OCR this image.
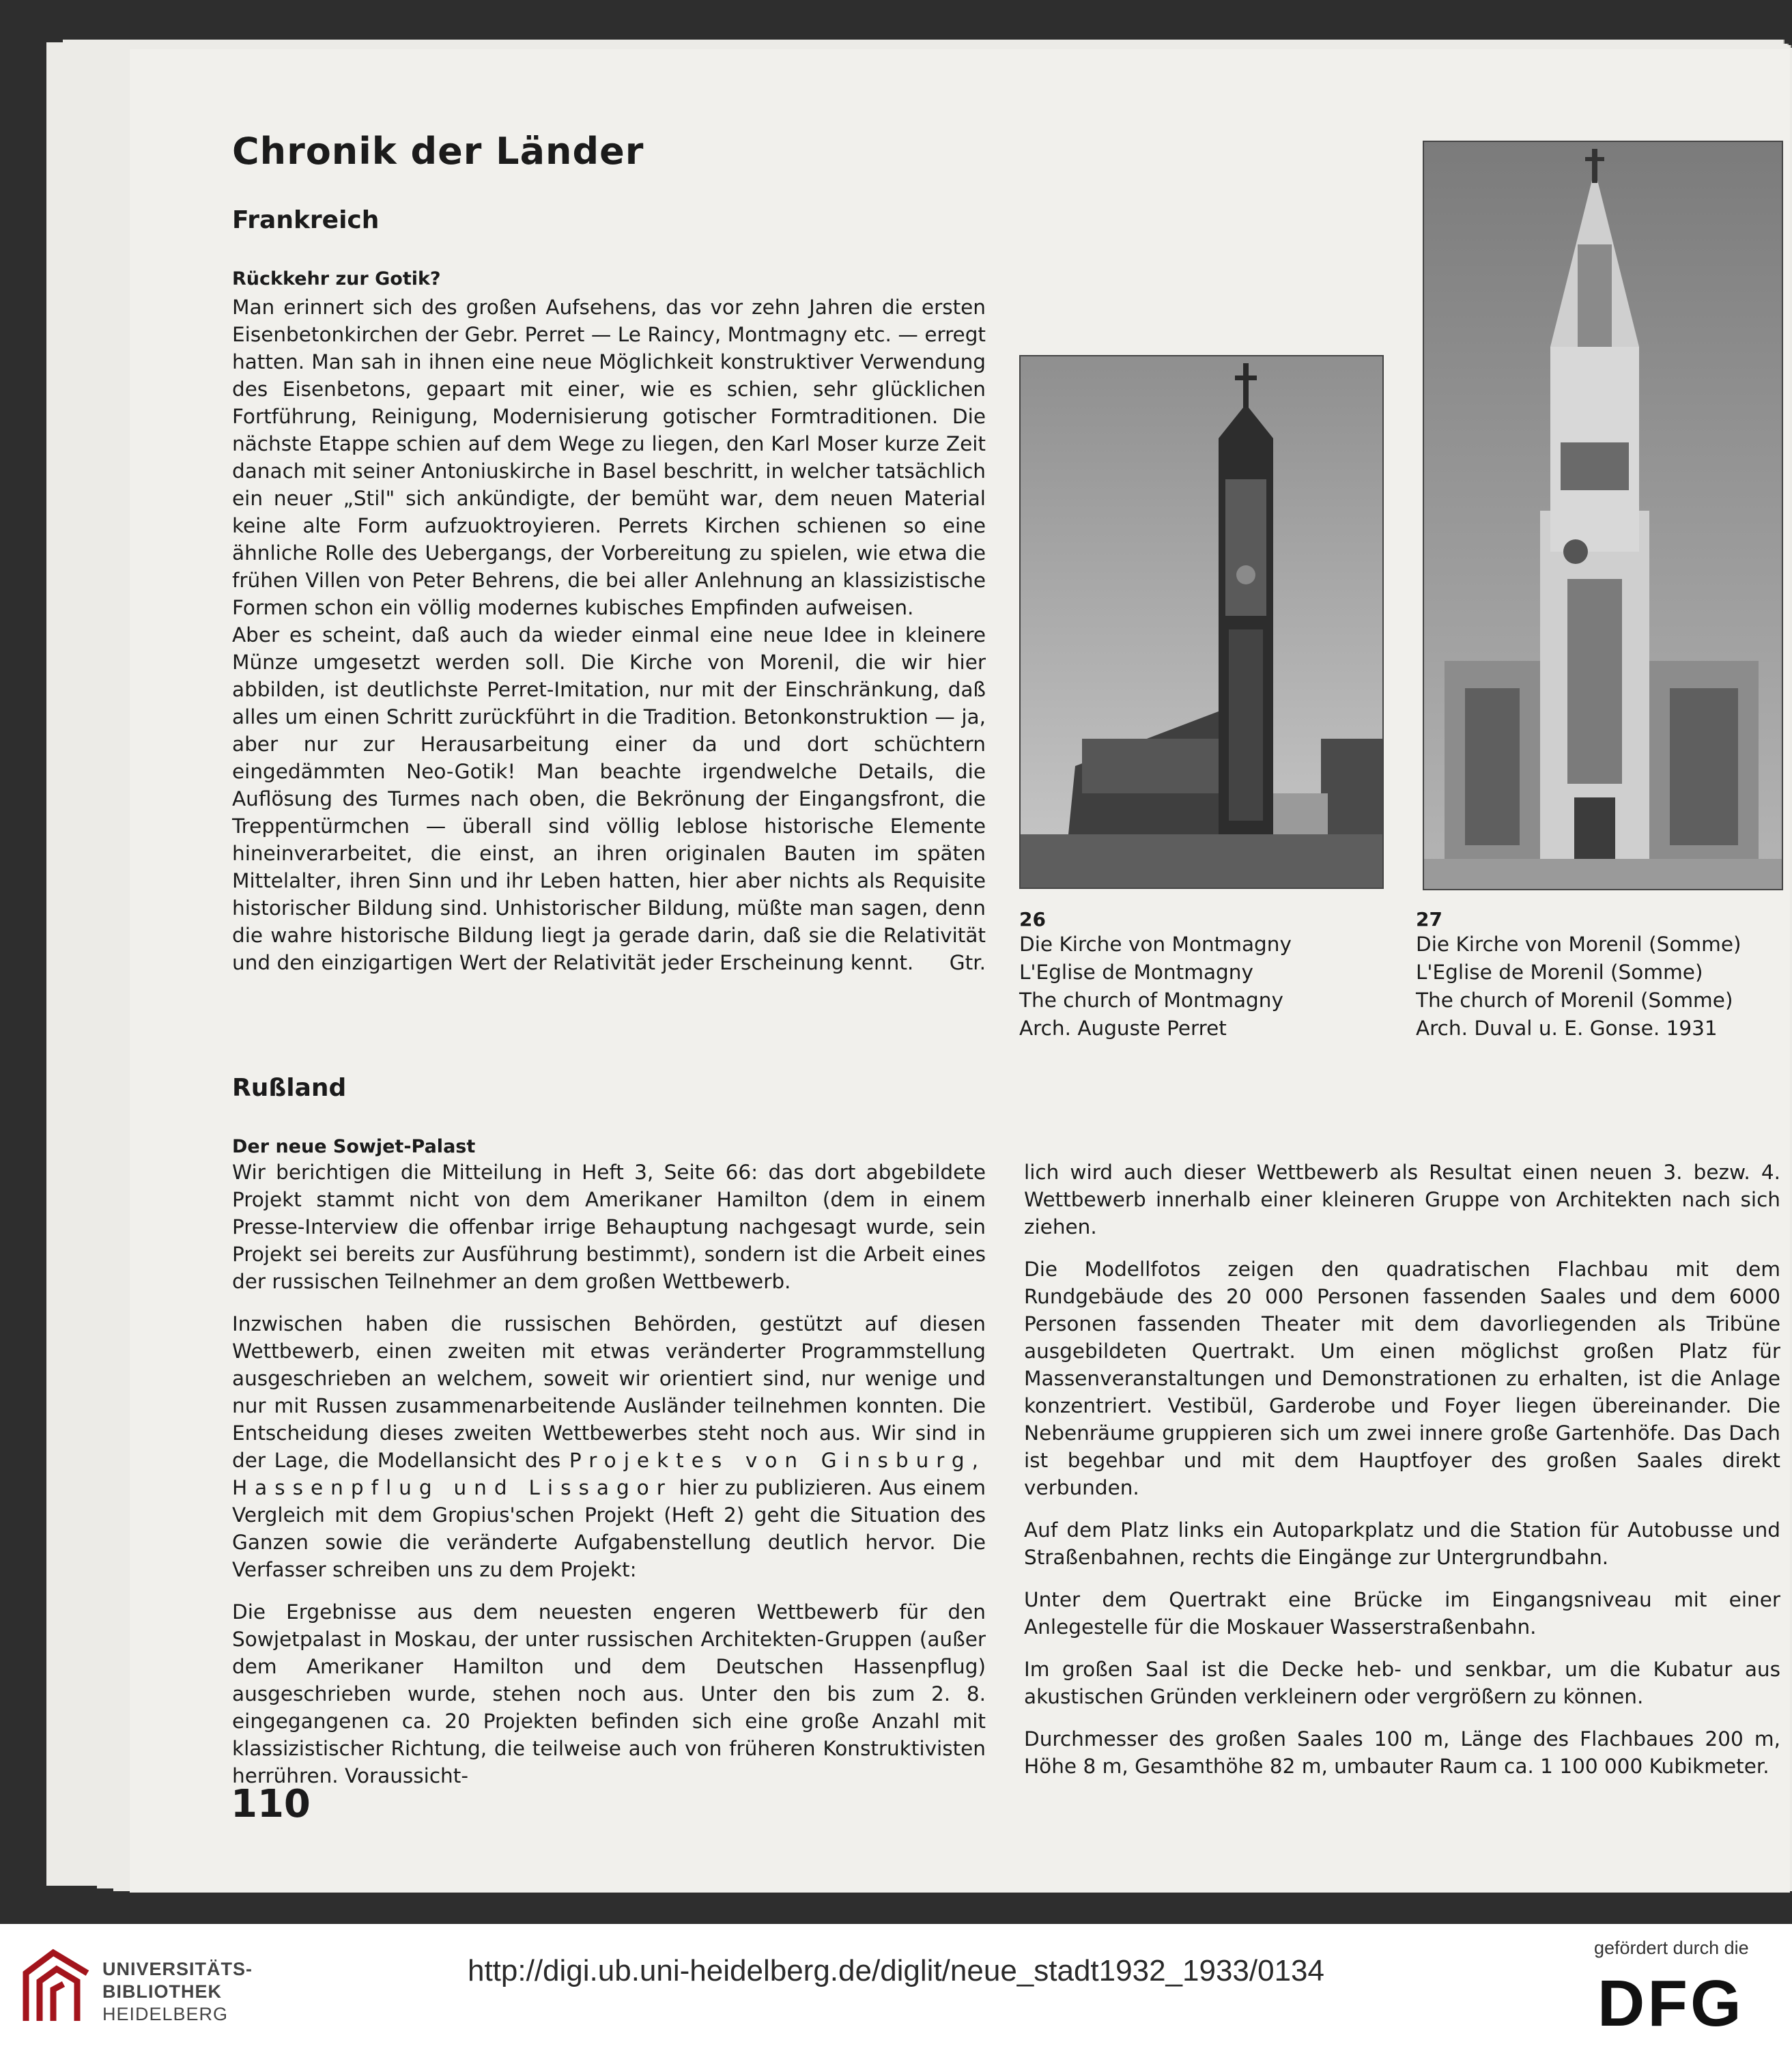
Chronik der Länder
Frankreich
Rückkehr zur Gotik?

Man erinnert sich des großen Aufsehens, das vor zehn Jahren die ersten Eisenbetonkirchen der Gebr. Perret — Le Raincy, Montmagny etc. — erregt hatten. Man sah in ihnen eine neue Möglichkeit konstruktiver Verwendung des Eisenbetons, gepaart mit einer, wie es schien, sehr glücklichen Fortführung, Reinigung, Modernisierung gotischer Formtraditionen. Die nächste Etappe schien auf dem Wege zu liegen, den Karl Moser kurze Zeit danach mit seiner Antoniuskirche in Basel beschritt, in welcher tatsächlich ein neuer „Stil" sich ankündigte, der bemüht war, dem neuen Material keine alte Form aufzuoktroyieren. Perrets Kirchen schienen so eine ähnliche Rolle des Uebergangs, der Vorbereitung zu spielen, wie etwa die frühen Villen von Peter Behrens, die bei aller Anlehnung an klassizistische Formen schon ein völlig modernes kubisches Empfinden aufweisen.

Aber es scheint, daß auch da wieder einmal eine neue Idee in kleinere Münze umgesetzt werden soll. Die Kirche von Morenil, die wir hier abbilden, ist deutlichste Perret-Imitation, nur mit der Einschränkung, daß alles um einen Schritt zurückführt in die Tradition. Betonkonstruktion — ja, aber nur zur Herausarbeitung einer da und dort schüchtern eingedämmten Neo-Gotik! Man beachte irgendwelche Details, die Auflösung des Turmes nach oben, die Bekrönung der Eingangsfront, die Treppentürmchen — überall sind völlig leblose historische Elemente hineinverarbeitet, die einst, an ihren originalen Bauten im späten Mittelalter, ihren Sinn und ihr Leben hatten, hier aber nichts als Requisite historischer Bildung sind. Unhistorischer Bildung, müßte man sagen, denn die wahre historische Bildung liegt ja gerade darin, daß sie die Relativität und den einzigartigen Wert der Relativität jeder Erscheinung kennt. Gtr.

26
Die Kirche von Montmagny
L'Eglise de Montmagny
The church of Montmagny
Arch. Auguste Perret
27
Die Kirche von Morenil (Somme)
L'Eglise de Morenil (Somme)
The church of Morenil (Somme)
Arch. Duval u. E. Gonse. 1931
Rußland
Der neue Sowjet-Palast

Wir berichtigen die Mitteilung in Heft 3, Seite 66: das dort abgebildete Projekt stammt nicht von dem Amerikaner Hamilton (dem in einem Presse-Interview die offenbar irrige Behauptung nachgesagt wurde, sein Projekt sei bereits zur Ausführung bestimmt), sondern ist die Arbeit eines der russischen Teilnehmer an dem großen Wettbewerb.

Inzwischen haben die russischen Behörden, gestützt auf diesen Wettbewerb, einen zweiten mit etwas veränderter Programmstellung ausgeschrieben an welchem, soweit wir orientiert sind, nur wenige und nur mit Russen zusammenarbeitende Ausländer teilnehmen konnten. Die Entscheidung dieses zweiten Wettbewerbes steht noch aus. Wir sind in der Lage, die Modellansicht des Projektes von Ginsburg, Hassenpflug und Lissagor hier zu publizieren. Aus einem Vergleich mit dem Gropius'schen Projekt (Heft 2) geht die Situation des Ganzen sowie die veränderte Aufgabenstellung deutlich hervor. Die Verfasser schreiben uns zu dem Projekt:

Die Ergebnisse aus dem neuesten engeren Wettbewerb für den Sowjetpalast in Moskau, der unter russischen Architekten-Gruppen (außer dem Amerikaner Hamilton und dem Deutschen Hassenpflug) ausgeschrieben wurde, stehen noch aus. Unter den bis zum 2. 8. eingegangenen ca. 20 Projekten befinden sich eine große Anzahl mit klassizistischer Richtung, die teilweise auch von früheren Konstruktivisten herrühren. Voraussicht-

lich wird auch dieser Wettbewerb als Resultat einen neuen 3. bezw. 4. Wettbewerb innerhalb einer kleineren Gruppe von Architekten nach sich ziehen.

Die Modellfotos zeigen den quadratischen Flachbau mit dem Rundgebäude des 20 000 Personen fassenden Saales und dem 6000 Personen fassenden Theater mit dem davorliegenden als Tribüne ausgebildeten Quertrakt. Um einen möglichst großen Platz für Massenveranstaltungen und Demonstrationen zu erhalten, ist die Anlage konzentriert. Vestibül, Garderobe und Foyer liegen übereinander. Die Nebenräume gruppieren sich um zwei innere große Gartenhöfe. Das Dach ist begehbar und mit dem Hauptfoyer des großen Saales direkt verbunden.

Auf dem Platz links ein Autoparkplatz und die Station für Autobusse und Straßenbahnen, rechts die Eingänge zur Untergrundbahn.

Unter dem Quertrakt eine Brücke im Eingangsniveau mit einer Anlegestelle für die Moskauer Wasserstraßenbahn.

Im großen Saal ist die Decke heb- und senkbar, um die Kubatur aus akustischen Gründen verkleinern oder vergrößern zu können.

Durchmesser des großen Saales 100 m, Länge des Flachbaues 200 m, Höhe 8 m, Gesamthöhe 82 m, umbauter Raum ca. 1 100 000 Kubikmeter.

110
UNIVERSITÄTS-
BIBLIOTHEK
HEIDELBERG
http://digi.ub.uni-heidelberg.de/diglit/neue_stadt1932_1933/0134
gefördert durch die
DFG
